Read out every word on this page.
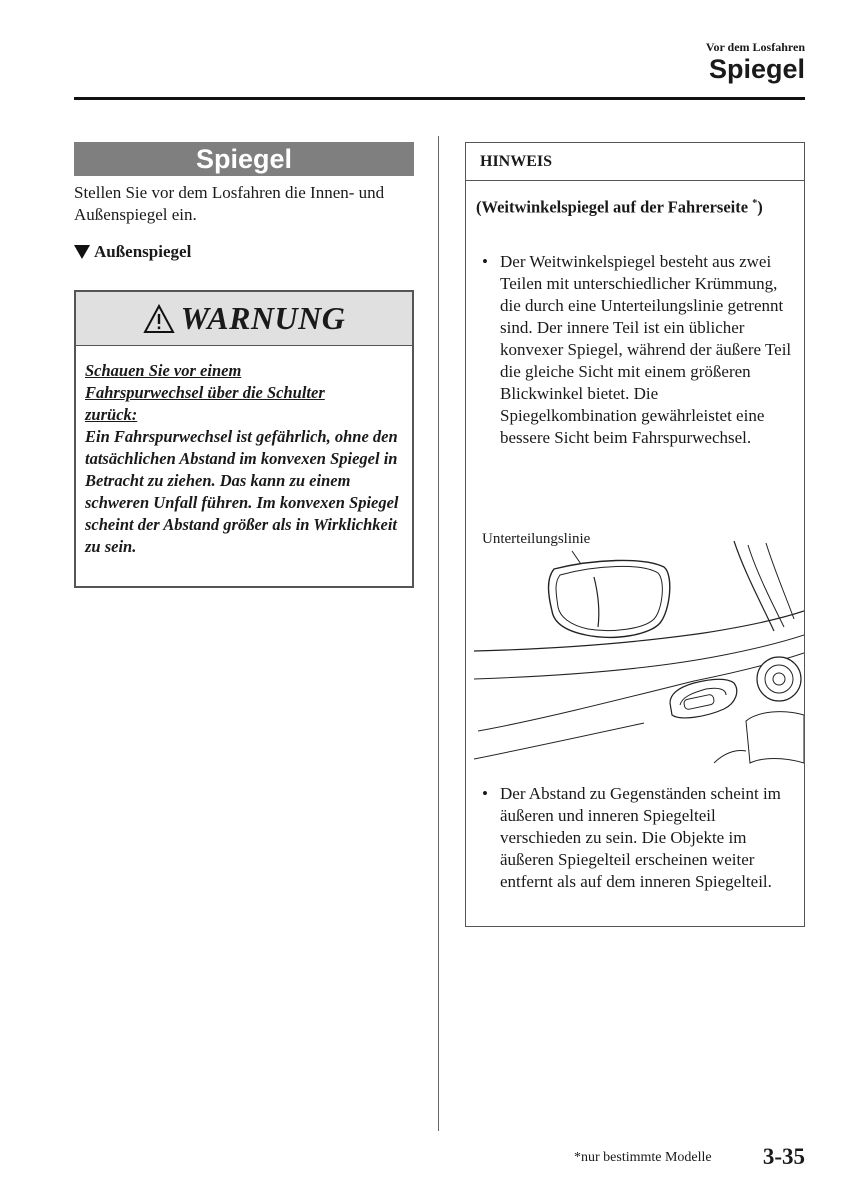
Vor dem Losfahren
Spiegel
Spiegel
Stellen Sie vor dem Losfahren die Innen- und Außenspiegel ein.
Außenspiegel
WARNUNG
Schauen Sie vor einem
Fahrspurwechsel über die Schulter
zurück:
Ein Fahrspurwechsel ist gefährlich, ohne den tatsächlichen Abstand im konvexen Spiegel in Betracht zu ziehen. Das kann zu einem schweren Unfall führen. Im konvexen Spiegel scheint der Abstand größer als in Wirklichkeit zu sein.
HINWEIS
(Weitwinkelspiegel auf der Fahrerseite *)
• Der Weitwinkelspiegel besteht aus zwei Teilen mit unterschiedlicher Krümmung, die durch eine Unterteilungslinie getrennt sind. Der innere Teil ist ein üblicher konvexer Spiegel, während der äußere Teil die gleiche Sicht mit einem größeren Blickwinkel bietet. Die Spiegelkombination gewährleistet eine bessere Sicht beim Fahrspurwechsel.
Unterteilungslinie
• Der Abstand zu Gegenständen scheint im äußeren und inneren Spiegelteil verschieden zu sein. Die Objekte im äußeren Spiegelteil erscheinen weiter entfernt als auf dem inneren Spiegelteil.
*nur bestimmte Modelle 3-35
